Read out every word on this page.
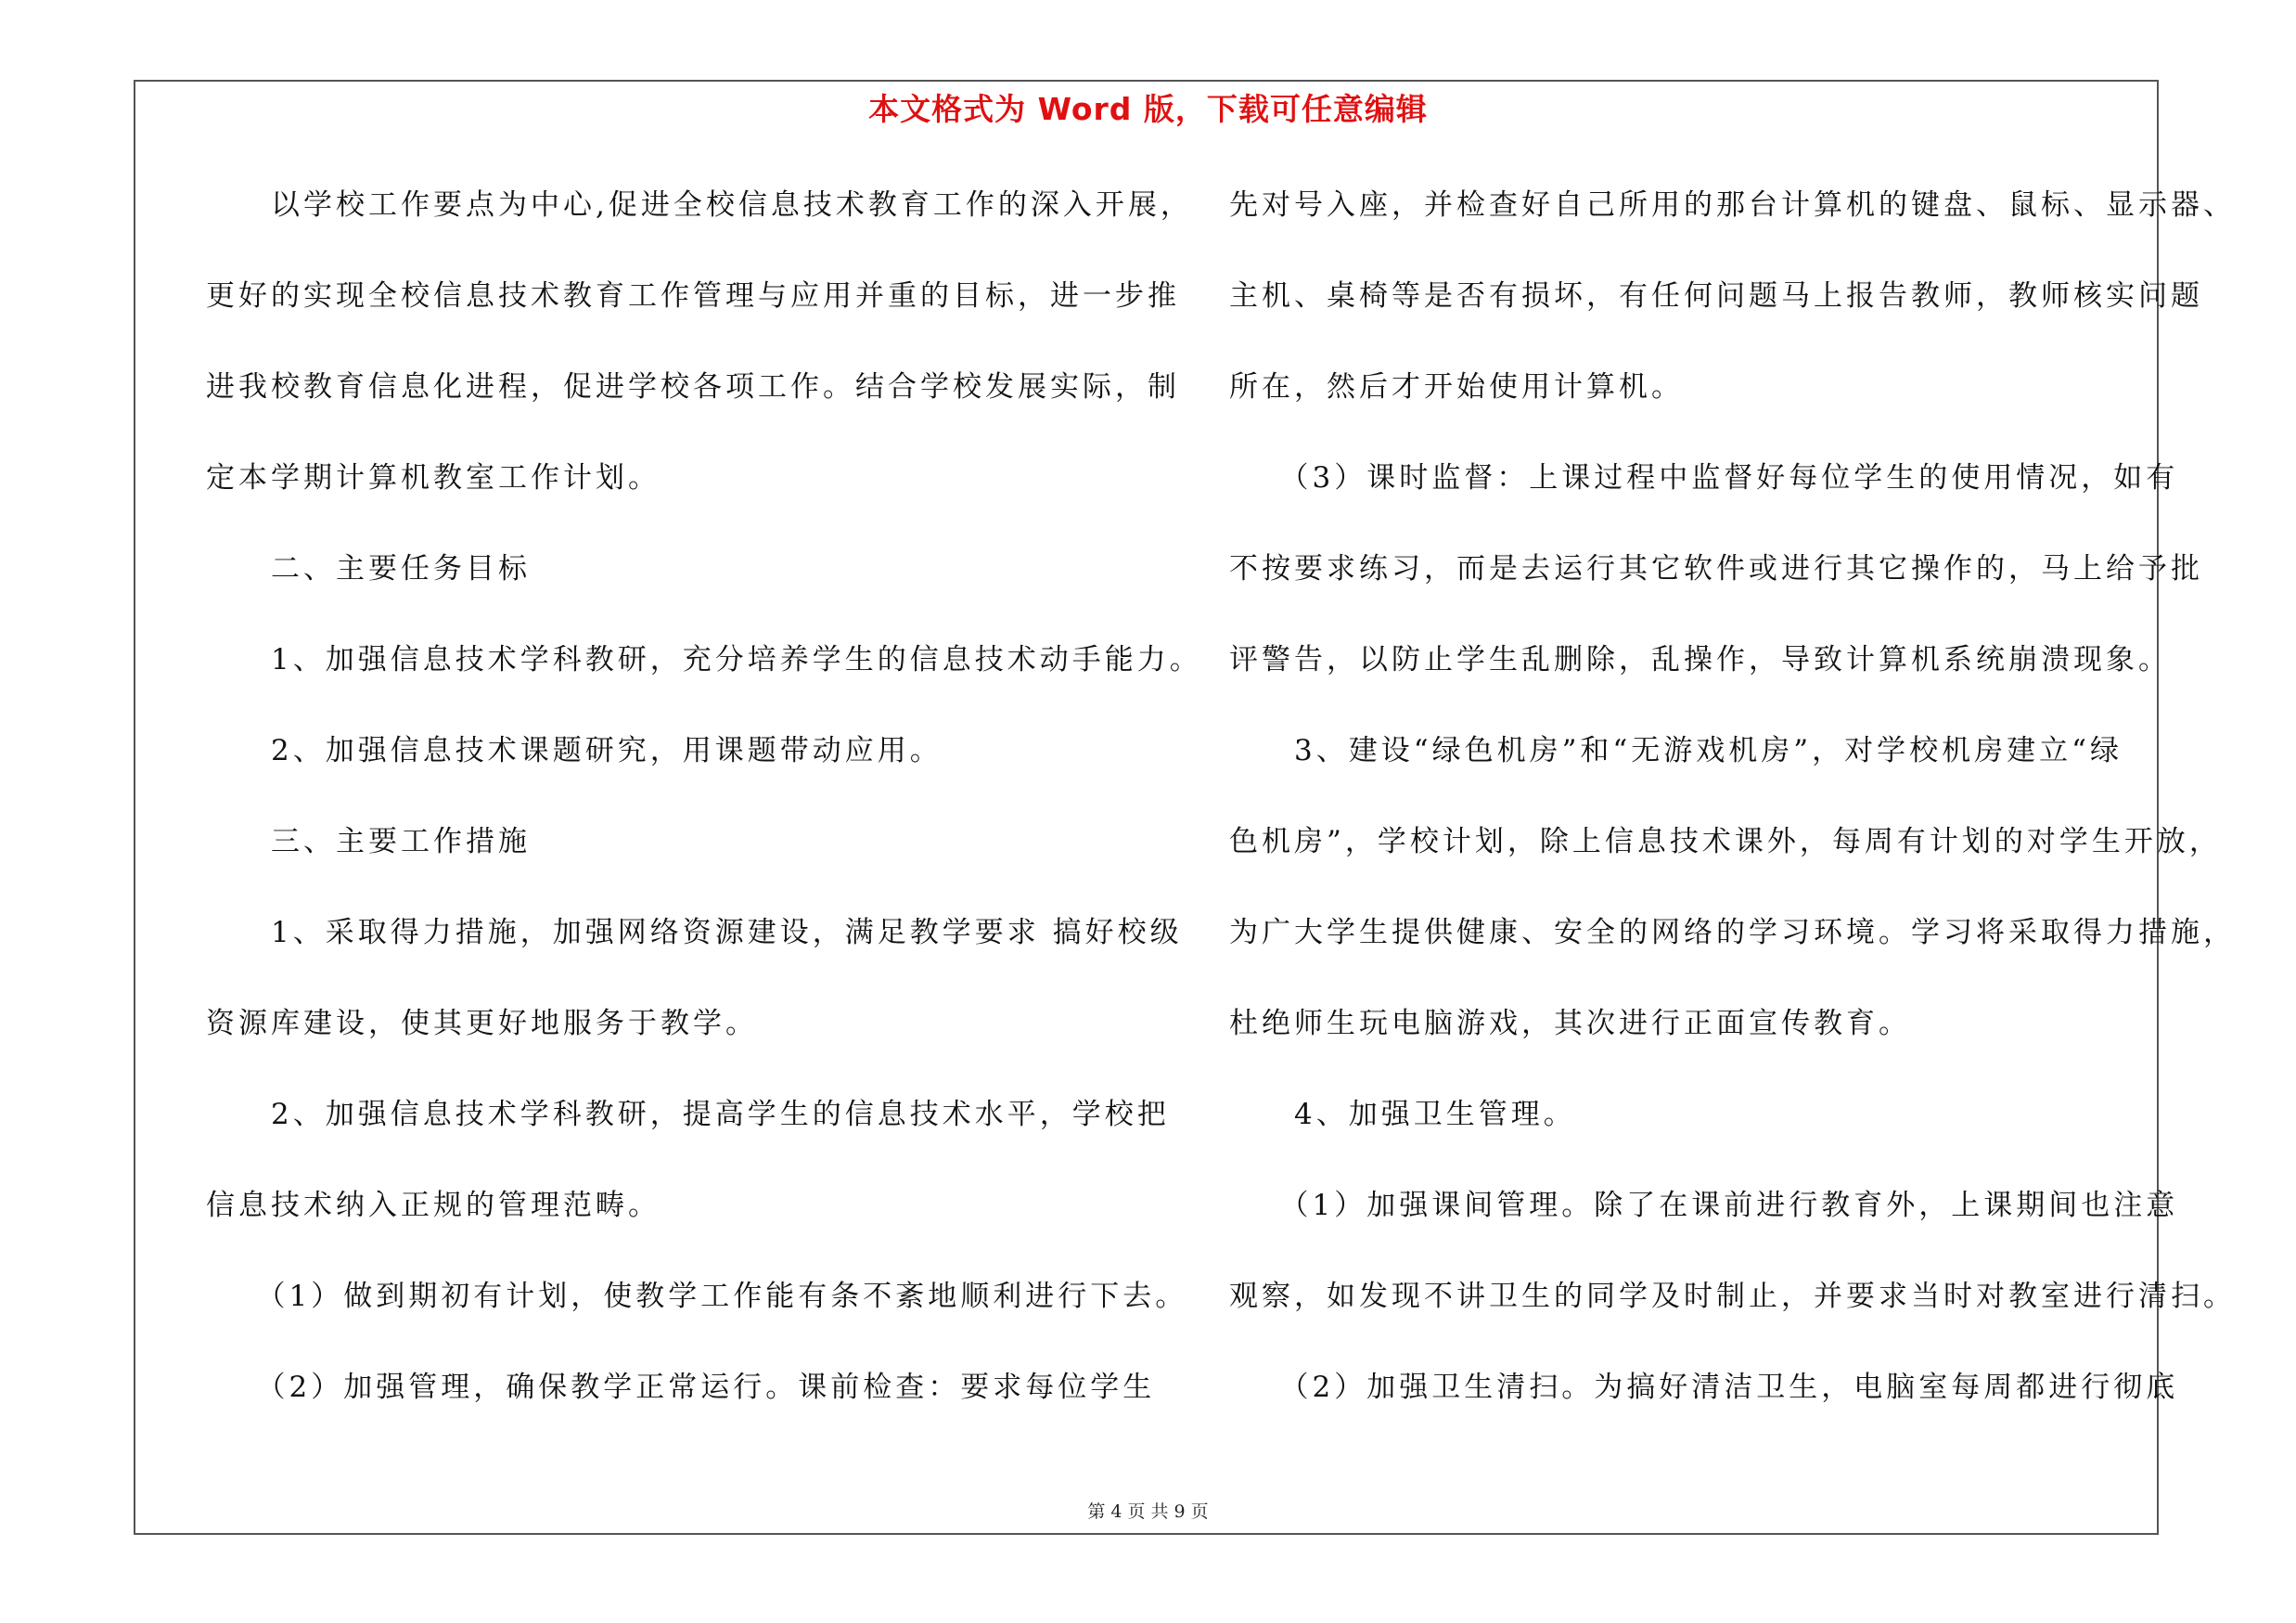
本文格式为 Word 版，下载可任意编辑
　　以学校工作要点为中心,促进全校信息技术教育工作的深入开展，
更好的实现全校信息技术教育工作管理与应用并重的目标，进一步推
进我校教育信息化进程，促进学校各项工作。结合学校发展实际，制
定本学期计算机教室工作计划。
　　二、主要任务目标
　　1、加强信息技术学科教研，充分培养学生的信息技术动手能力。
　　2、加强信息技术课题研究，用课题带动应用。
　　三、主要工作措施
　　1、采取得力措施，加强网络资源建设，满足教学要求 搞好校级
资源库建设，使其更好地服务于教学。
　　2、加强信息技术学科教研，提高学生的信息技术水平，学校把
信息技术纳入正规的管理范畴。
　　（1）做到期初有计划，使教学工作能有条不紊地顺利进行下去。
　　（2）加强管理，确保教学正常运行。课前检查：要求每位学生
先对号入座，并检查好自己所用的那台计算机的键盘、鼠标、显示器、
主机、桌椅等是否有损坏，有任何问题马上报告教师，教师核实问题
所在，然后才开始使用计算机。
　　（3）课时监督：上课过程中监督好每位学生的使用情况，如有
不按要求练习，而是去运行其它软件或进行其它操作的，马上给予批
评警告，以防止学生乱删除，乱操作，导致计算机系统崩溃现象。
　　3、建设“绿色机房”和“无游戏机房”，对学校机房建立“绿
色机房”，学校计划，除上信息技术课外，每周有计划的对学生开放，
为广大学生提供健康、安全的网络的学习环境。学习将采取得力措施，
杜绝师生玩电脑游戏，其次进行正面宣传教育。
　　4、加强卫生管理。
　　（1）加强课间管理。除了在课前进行教育外，上课期间也注意
观察，如发现不讲卫生的同学及时制止，并要求当时对教室进行清扫。
　　（2）加强卫生清扫。为搞好清洁卫生，电脑室每周都进行彻底
第 4 页 共 9 页
